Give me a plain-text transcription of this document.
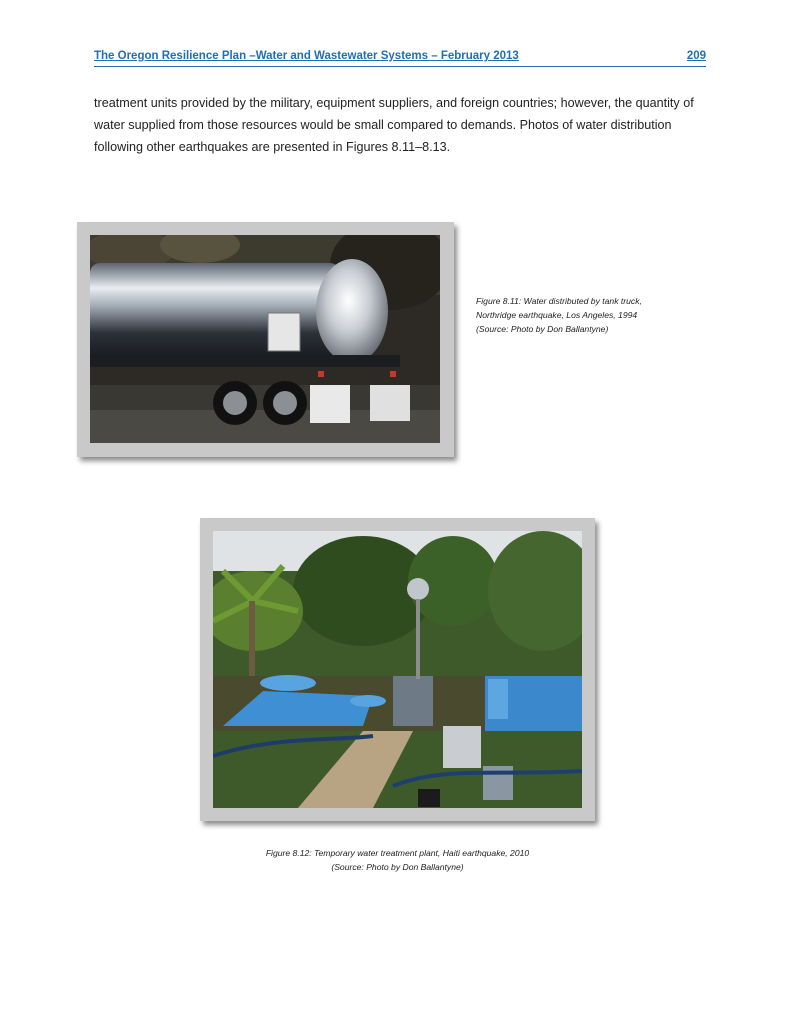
The Oregon Resilience Plan –Water and Wastewater Systems – February 2013	209

treatment units provided by the military, equipment suppliers, and foreign countries; however, the quantity of water supplied from those resources would be small compared to demands. Photos of water distribution following other earthquakes are presented in Figures 8.11–8.13.

Figure 8.11: Water distributed by tank truck,
Northridge earthquake, Los Angeles, 1994
(Source: Photo by Don Ballantyne)
Figure 8.12: Temporary water treatment plant, Haiti earthquake, 2010
(Source: Photo by Don Ballantyne)
